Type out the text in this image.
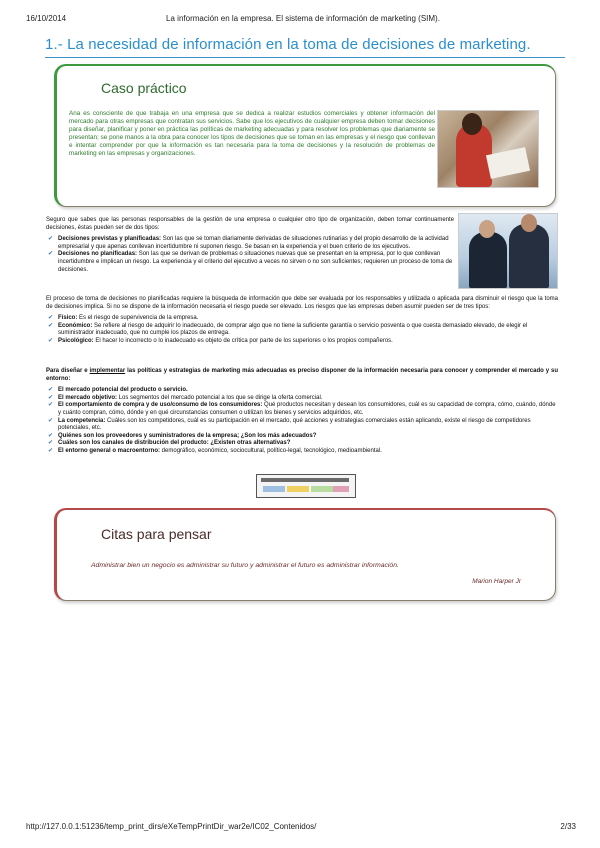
16/10/2014	La información en la empresa. El sistema de información de marketing (SIM).
1.- La necesidad de información en la toma de decisiones de marketing.
Caso práctico
Ana es consciente de que trabaja en una empresa que se dedica a realizar estudios comerciales y obtener información del mercado para otras empresas que contratan sus servicios. Sabe que los ejecutivos de cualquier empresa deben tomar decisiones para diseñar, planificar y poner en práctica las políticas de marketing adecuadas y para resolver los problemas que diariamente se presentan; se pone manos a la obra para conocer los tipos de decisiones que se toman en las empresas y el riesgo que conllevan e intentar comprender por que la información es tan necesaria para la toma de decisiones y la resolución de problemas de marketing en las empresas y organizaciones.
Seguro que sabes que las personas responsables de la gestión de una empresa o cualquier otro tipo de organización, deben tomar continuamente decisiones, éstas pueden ser de dos tipos:
✔ Decisiones previstas y planificadas: Son las que se toman diariamente derivadas de situaciones rutinarias y del propio desarrollo de la actividad empresarial y que apenas conllevan incertidumbre ni suponen riesgo. Se basan en la experiencia y el buen criterio de los ejecutivos.
✔ Decisiones no planificadas: Son las que se derivan de problemas o situaciones nuevas que se presentan en la empresa, por lo que conllevan incertidumbre e implican un riesgo. La experiencia y el criterio del ejecutivo a veces no sirven o no son suficientes; requieren un proceso de toma de decisiones.
El proceso de toma de decisiones no planificadas requiere la búsqueda de información que debe ser evaluada por los responsables y utilizada o aplicada para disminuir el riesgo que la toma de decisiones implica. Si no se dispone de la información necesaria el riesgo puede ser elevado. Los riesgos que las empresas deben asumir pueden ser de tres tipos:
✔ Físico: Es el riesgo de supervivencia de la empresa.
✔ Económico: Se refiere al riesgo de adquirir lo inadecuado, de comprar algo que no tiene la suficiente garantía o servicio posventa o que cuesta demasiado elevado, de elegir el suministrador inadecuado, que no cumple los plazos de entrega.
✔ Psicológico: El hacer lo incorrecto o lo inadecuado es objeto de crítica por parte de los superiores o los propios compañeros.
Para diseñar e implementar las políticas y estrategias de marketing más adecuadas es preciso disponer de la información necesaria para conocer y comprender el mercado y su entorno:
✔ El mercado potencial del producto o servicio.
✔ El mercado objetivo: Los segmentos del mercado potencial a los que se dirige la oferta comercial.
✔ El comportamiento de compra y de uso/consumo de los consumidores: Qué productos necesitan y desean los consumidores, cuál es su capacidad de compra, cómo, cuándo, dónde y cuánto compran, cómo, dónde y en qué circunstancias consumen o utilizan los bienes y servicios adquiridos, etc.
✔ La competencia: Cuáles son los competidores, cuál es su participación en el mercado, qué acciones y estrategias comerciales están aplicando, existe el riesgo de competidores potenciales, etc.
✔ Quiénes son los proveedores y suministradores de la empresa; ¿Son los más adecuados?
✔ Cuáles son los canales de distribución del producto: ¿Existen otras alternativas?
✔ El entorno general o macroentorno: demográfico, económico, sociocultural, político-legal, tecnológico, medioambiental.
Citas para pensar
Administrar bien un negocio es administrar su futuro y administrar el futuro es administrar información.
Marion Harper Jr
http://127.0.0.1:51236/temp_print_dirs/eXeTempPrintDir_war2e/IC02_Contenidos/	2/33
